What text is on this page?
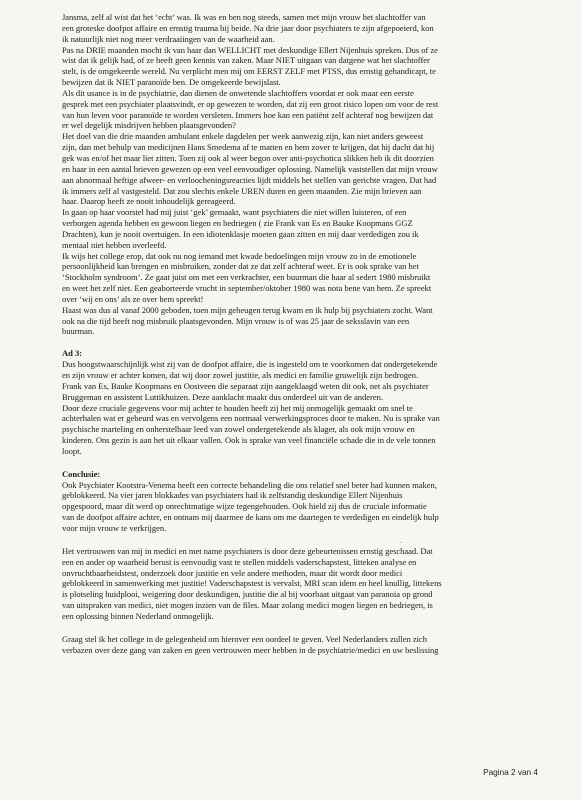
Jansma, zelf al wist dat het ‘echt’ was. Ik was en ben nog steeds, samen met mijn vrouw het slachtoffer van

een groteske doofpot affaire en ernstig trauma bij beide. Na drie jaar door psychiaters te zijn afgepoeierd, kon

ik natuurlijk niet nog meer verdraaiingen van de waarheid aan.

Pas na DRIE maanden mocht ik van haar dan WELLICHT met deskundige Ellert Nijenhuis spreken. Dus of ze

wist dat ik gelijk had, of ze heeft geen kennis van zaken. Maar NIET uitgaan van datgene wat het slachtoffer

stelt, is de omgekeerde wereld. Nu verplicht men mij om EERST ZELF met PTSS, dus ernstig gehandicapt, te

bewijzen dat ik NIET paranoïde ben. De omgekeerde bewijslast.

Als dit usance is in de psychiatrie, dan dienen de onwetende slachtoffers voordat er ook maar een eerste

gesprek met een psychiater plaatsvindt, er op gewezen te worden, dat zij een groot risico lopen om voor de rest

van hun leven voor paranoïde te worden versleten. Immers hoe kan een patiënt zelf achteraf nog bewijzen dat

er wel degelijk misdrijven hebben plaatsgevonden?

Het doel van die drie maanden ambulant enkele dagdelen per week aanwezig zijn, kan niet anders geweest

zijn, dan met behulp van medicijnen Hans Smedema af te matten en hem zover te krijgen, dat hij dacht dat hij

gek was en/of het maar liet zitten. Toen zij ook al weer begon over anti-psychotica slikken heb ik dit doorzien

en haar in een aantal brieven gewezen op een veel eenvoudiger oplossing. Namelijk vaststellen dat mijn vrouw

aan abnormaal heftige afweer- en verloocheningsreacties lijdt middels het stellen van gerichte vragen. Dat had

ik immers zelf al vastgesteld. Dat zou slechts enkele UREN duren en geen maanden. Zie mijn brieven aan

haar. Daarop heeft ze nooit inhoudelijk gereageerd.

In gaan op haar voorstel had mij juist ‘gek’ gemaakt, want psychiaters die niet willen luisteren, of een

verborgen agenda hebben en gewoon liegen en bedriegen ( zie Frank van Es en Bauke Koopmans GGZ

Drachten), kun je nooit overtuigen. In een idiotenklasje moeten gaan zitten en mij daar verdedigen zou ik

mentaal niet hebben overleefd.

Ik wijs het college erop, dat ook nu nog iemand met kwade bedoelingen mijn vrouw zo in de emotionele

persoonlijkheid kan brengen en misbruiken, zonder dat ze dat zelf achteraf weet. Er is ook sprake van het

‘Stockholm syndroom’. Ze gaat juist om met een verkrachter, een buurman die haar al sedert 1980 misbruikt

en weet het zelf niet. Een geaborteerde vrucht in september/oktober 1980 was nota bene van hem. Ze spreekt

over ‘wij en ons’ als ze over hem spreekt!

Haast was dus al vanaf 2000 geboden, toen mijn geheugen terug kwam en ik hulp bij psychiaters zocht. Want

ook na die tijd heeft nog misbruik plaatsgevonden. Mijn vrouw is of was 25 jaar de seksslavin van een

buurman.

Ad 3:

Dus hoogstwaarschijnlijk wist zij van de doofpot affaire, die is ingesteld om te voorkomen dat ondergetekende

en zijn vrouw er achter komen, dat wij door zowel justitie, als medici en familie gruwelijk zijn bedrogen.

Frank van Es, Bauke Koopmans en Oostveen die separaat zijn aangeklaagd weten dit ook, net als psychiater

Bruggeman en assistent Luttikhuizen. Deze aanklacht maakt dus onderdeel uit van de anderen.

Door deze cruciale gegevens voor mij achter te houden heeft zij het mij onmogelijk gemaakt om snel te

achterhalen wat er gebeurd was en vervolgens een normaal verwerkingsproces door te maken. Nu is sprake van

psychische marteling en onherstelbaar leed van zowel ondergetekende als klager, als ook mijn vrouw en

kinderen. Ons gezin is aan het uit elkaar vallen. Ook is sprake van veel financiële schade die in de vele tonnen

loopt.

Conclusie:

Ook Psychiater Kootstra-Venema heeft een correcte behandeling die ons relatief snel beter had kunnen maken,

geblokkeerd. Na vier jaren blokkades van psychiaters had ik zelfstandig deskundige Ellert Nijenhuis

opgespoord, maar dit werd op onrechtmatige wijze tegengehouden. Ook hield zij dus de cruciale informatie

van de doofpot affaire achter, en ontnam mij daarmee de kans om me daartegen te verdedigen en eindelijk hulp

voor mijn vrouw te verkrijgen.

Het vertrouwen van mij in medici en met name psychiaters is door deze gebeurtenissen ernstig geschaad. Dat

een en ander op waarheid berust is eenvoudig vast te stellen middels vaderschapstest, litteken analyse en

onvruchtbaarheidstest, onderzoek door justitie en vele andere methoden, maar dit wordt door medici

geblokkeerd in samenwerking met justitie! Vaderschapstest is vervalst, MRI scan idem en heel knullig, littekens

is plotseling huidplooi, weigering door deskundigen, justitie die al bij voorbaat uitgaat van paranoia op grond

van uitspraken van medici, niet mogen inzien van de files. Maar zolang medici mogen liegen en bedriegen, is

een oplossing binnen Nederland onmogelijk.

Graag stel ik het college in de gelegenheid om hierover een oordeel te geven. Veel Nederlanders zullen zich

verbazen over deze gang van zaken en geen vertrouwen meer hebben in de psychiatrie/medici en uw beslissing

·
Pagina 2 van 4
